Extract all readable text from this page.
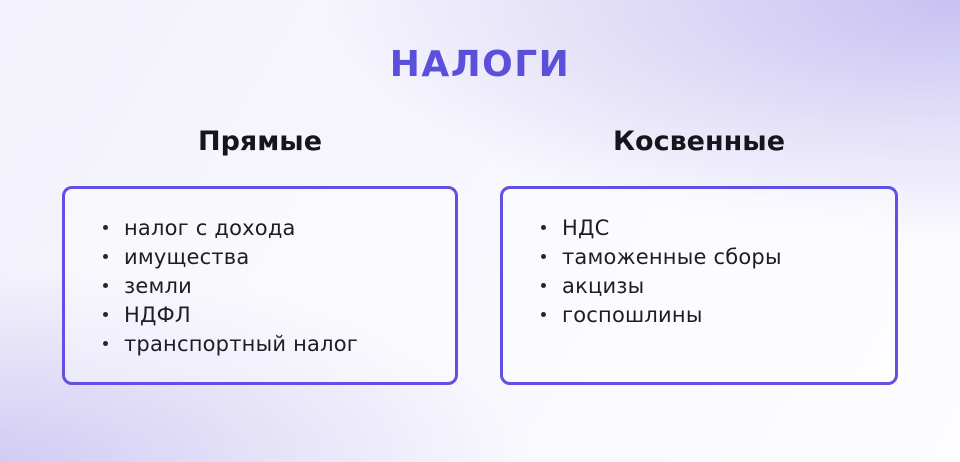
НАЛОГИ
Прямые	Косвенные
налог с дохода
имущества
земли
НДФЛ
транспортный налог
НДС
таможенные сборы
акцизы
госпошлины
